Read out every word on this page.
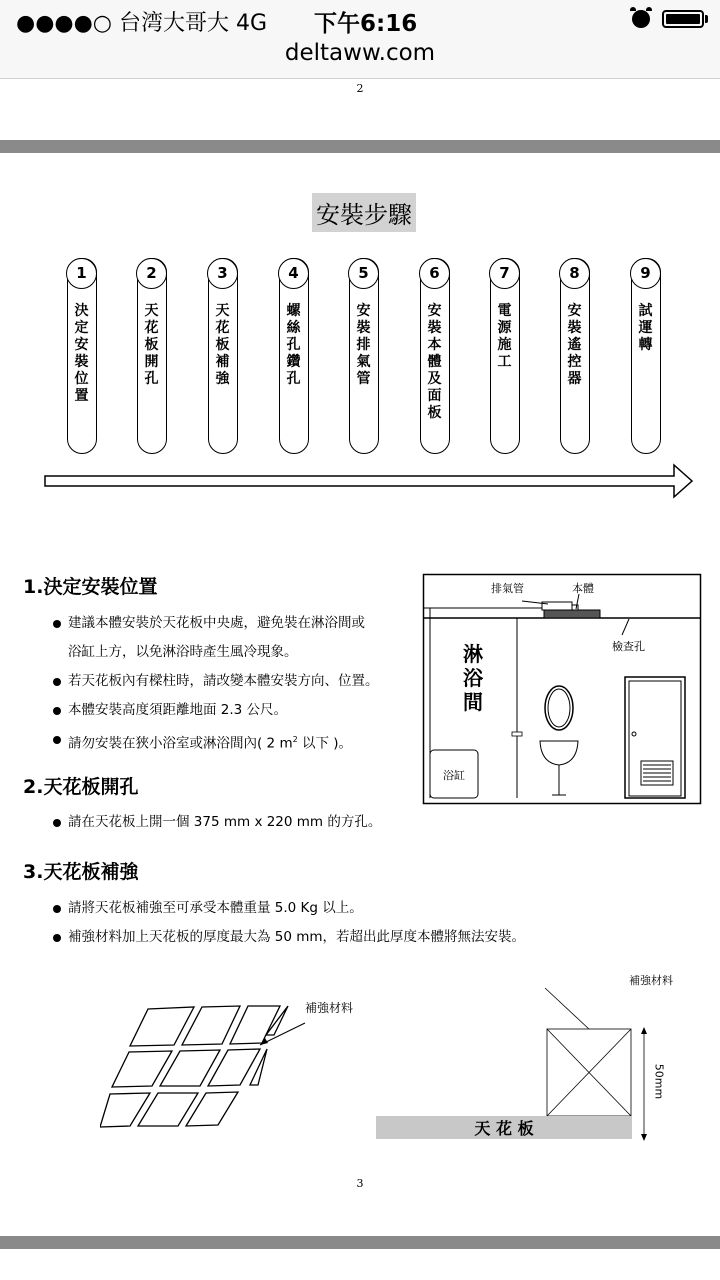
●●●●○ 台湾大哥大 4G 下午6:16
deltaww.com
2
安裝步驟
1
決定安裝位置
2
天花板開孔
3
天花板補強
4
螺絲孔鑽孔
5
安裝排氣管
6
安裝本體及面板
7
電源施工
8
安裝遙控器
9
試運轉
1.決定安裝位置
建議本體安裝於天花板中央處，避免裝在淋浴間或
浴缸上方，以免淋浴時產生風冷現象。
若天花板內有樑柱時，請改變本體安裝方向、位置。
本體安裝高度須距離地面 2.3 公尺。
請勿安裝在狹小浴室或淋浴間內( 2 $m^2$ 以下 )。
排氣管	本體
檢查孔
浴缸
淋浴間
2.天花板開孔
請在天花板上開一個 375 mm x 220 mm 的方孔。
3.天花板補強
請將天花板補強至可承受本體重量 5.0 Kg 以上。
補強材料加上天花板的厚度最大為 50 mm，若超出此厚度本體將無法安裝。
補強材料
補強材料
天 花 板
50mm
3
